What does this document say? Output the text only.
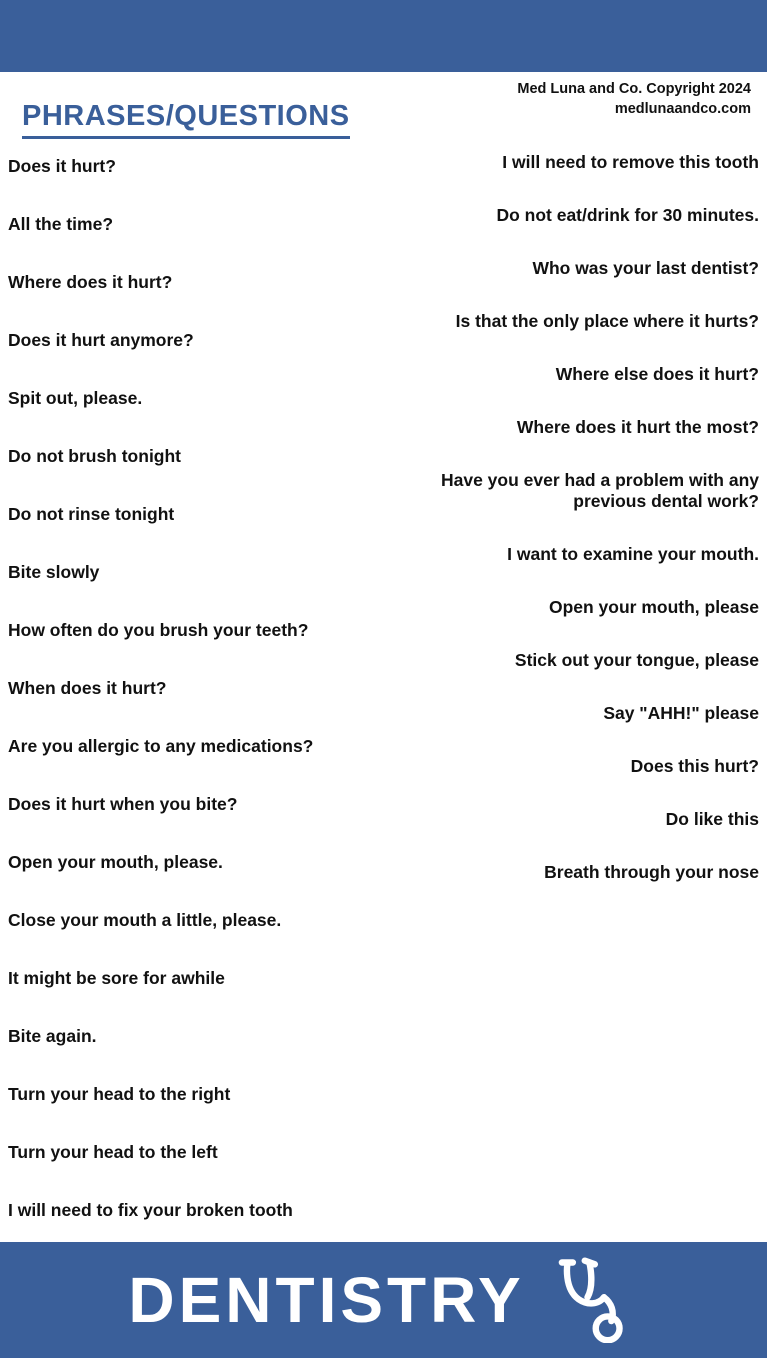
Med Luna and Co. Copyright 2024
medlunaandco.com
PHRASES/QUESTIONS
Does it hurt?
All the time?
Where does it hurt?
Does it hurt anymore?
Spit out, please.
Do not brush tonight
Do not rinse tonight
Bite slowly
How often do you brush your teeth?
When does it hurt?
Are you allergic to any medications?
Does it hurt when you bite?
Open your mouth, please.
Close your mouth a little, please.
It might be sore for awhile
Bite again.
Turn your head to the right
Turn your head to the left
I will need to fix your broken tooth
I will need to remove this tooth
Do not eat/drink for 30 minutes.
Who was your last dentist?
Is that the only place where it hurts?
Where else does it hurt?
Where does it hurt the most?
Have you ever had a problem with any previous dental work?
I want to examine your mouth.
Open your mouth, please
Stick out your tongue, please
Say "AHH!" please
Does this hurt?
Do like this
Breath through your nose
DENTISTRY
